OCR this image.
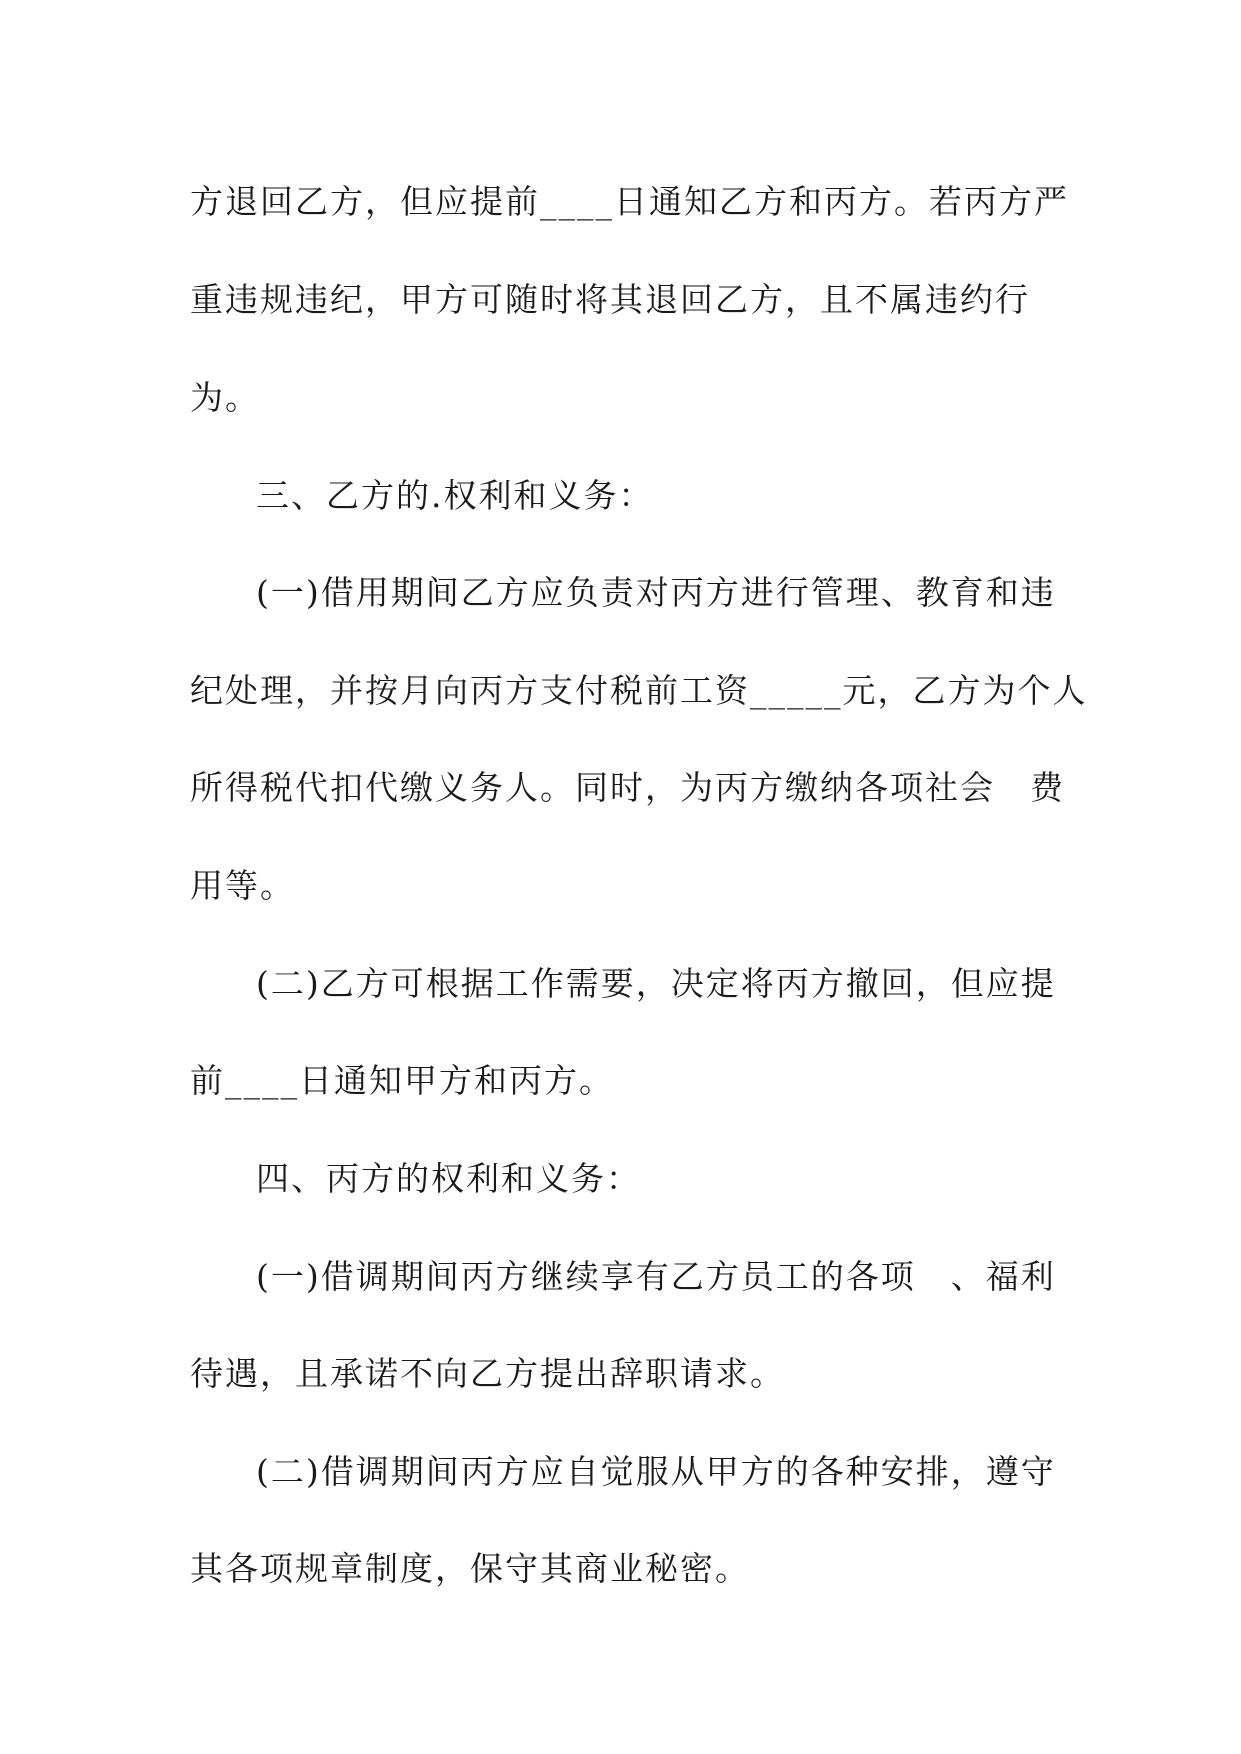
方退回乙方，但应提前____日通知乙方和丙方。若丙方严
重违规违纪，甲方可随时将其退回乙方，且不属违约行
为。
三、乙方的.权利和义务：
(一)借用期间乙方应负责对丙方进行管理、教育和违
纪处理，并按月向丙方支付税前工资_____元，乙方为个人
所得税代扣代缴义务人。同时，为丙方缴纳各项社会　费
用等。
(二)乙方可根据工作需要，决定将丙方撤回，但应提
前____日通知甲方和丙方。
四、丙方的权利和义务：
(一)借调期间丙方继续享有乙方员工的各项　、福利
待遇，且承诺不向乙方提出辞职请求。
(二)借调期间丙方应自觉服从甲方的各种安排，遵守
其各项规章制度，保守其商业秘密。
